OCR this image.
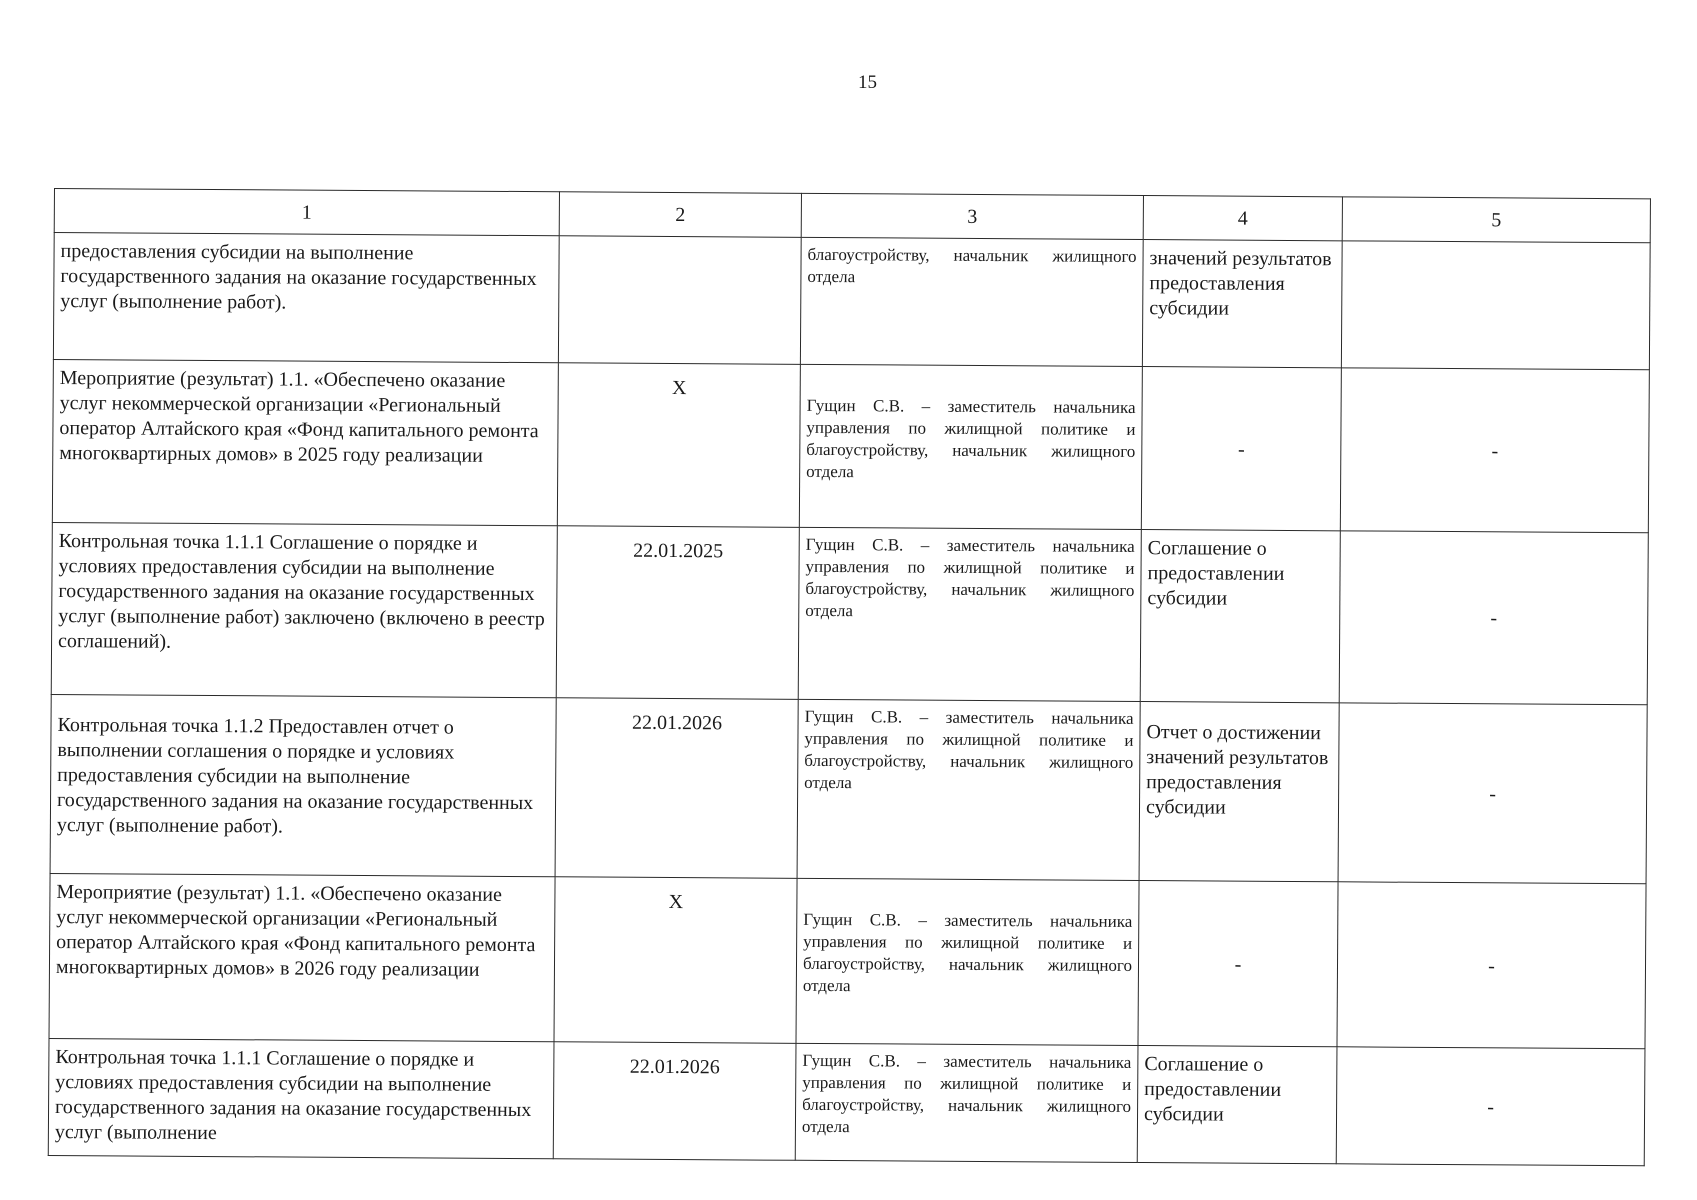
15
1	2	3	4	5
предоставления субсидии на выполнение государственного задания на оказание государственных услуг (выполнение работ).		благоустройству, начальник жилищного отдела	значений результатов предоставления субсидии	
Мероприятие (результат) 1.1. «Обеспечено оказание услуг некоммерческой организации «Региональный оператор Алтайского края «Фонд капитального ремонта многоквартирных домов» в 2025 году реализации	X	Гущин С.В. – заместитель начальника управления по жилищной политике и благоустройству, начальник жилищного отдела	-	-
Контрольная точка 1.1.1 Соглашение о порядке и условиях предоставления субсидии на выполнение государственного задания на оказание государственных услуг (выполнение работ) заключено (включено в реестр соглашений).	22.01.2025	Гущин С.В. – заместитель начальника управления по жилищной политике и благоустройству, начальник жилищного отдела	Соглашение о предоставлении субсидии	-
Контрольная точка 1.1.2 Предоставлен отчет о выполнении соглашения о порядке и условиях предоставления субсидии на выполнение государственного задания на оказание государственных услуг (выполнение работ).	22.01.2026	Гущин С.В. – заместитель начальника управления по жилищной политике и благоустройству, начальник жилищного отдела	Отчет о достижении значений результатов предоставления субсидии	-
Мероприятие (результат) 1.1. «Обеспечено оказание услуг некоммерческой организации «Региональный оператор Алтайского края «Фонд капитального ремонта многоквартирных домов» в 2026 году реализации	X	Гущин С.В. – заместитель начальника управления по жилищной политике и благоустройству, начальник жилищного отдела	-	-
Контрольная точка 1.1.1 Соглашение о порядке и условиях предоставления субсидии на выполнение государственного задания на оказание государственных услуг (выполнение	22.01.2026	Гущин С.В. – заместитель начальника управления по жилищной политике и благоустройству, начальник жилищного отдела	Соглашение о предоставлении субсидии	-
